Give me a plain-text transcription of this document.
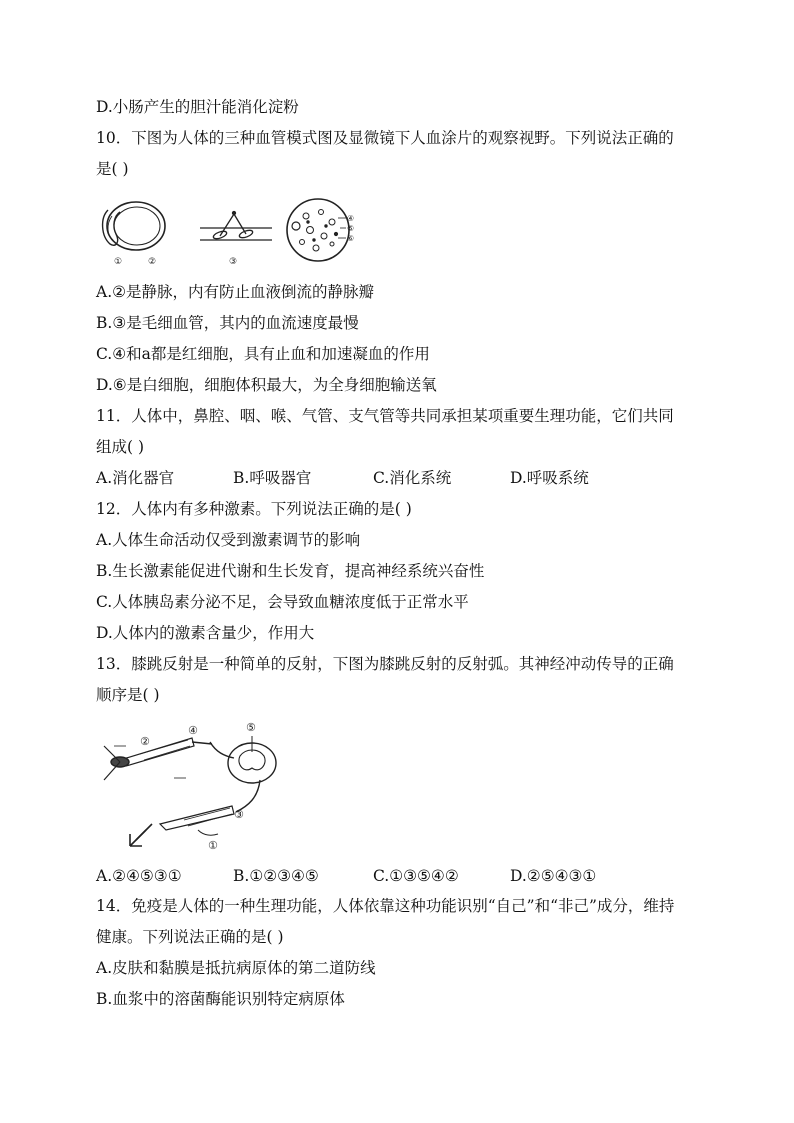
D.小肠产生的胆汁能消化淀粉
10．下图为人体的三种血管模式图及显微镜下人血涂片的观察视野。下列说法正确的
是( )
①	②	③
④
⑤
⑥
A.②是静脉，内有防止血液倒流的静脉瓣
B.③是毛细血管，其内的血流速度最慢
C.④和a都是红细胞，具有止血和加速凝血的作用
D.⑥是白细胞，细胞体积最大，为全身细胞输送氧
11．人体中，鼻腔、咽、喉、气管、支气管等共同承担某项重要生理功能，它们共同
组成( )
A.消化器官	B.呼吸器官	C.消化系统	D.呼吸系统
12．人体内有多种激素。下列说法正确的是( )
A.人体生命活动仅受到激素调节的影响
B.生长激素能促进代谢和生长发育，提高神经系统兴奋性
C.人体胰岛素分泌不足，会导致血糖浓度低于正常水平
D.人体内的激素含量少，作用大
13．膝跳反射是一种简单的反射，下图为膝跳反射的反射弧。其神经冲动传导的正确
顺序是( )
②
④	⑤
③
①
A.②④⑤③①	B.①②③④⑤	C.①③⑤④②	D.②⑤④③①
14．免疫是人体的一种生理功能，人体依靠这种功能识别“自己”和“非己”成分，维持
健康。下列说法正确的是( )
A.皮肤和黏膜是抵抗病原体的第二道防线
B.血浆中的溶菌酶能识别特定病原体
